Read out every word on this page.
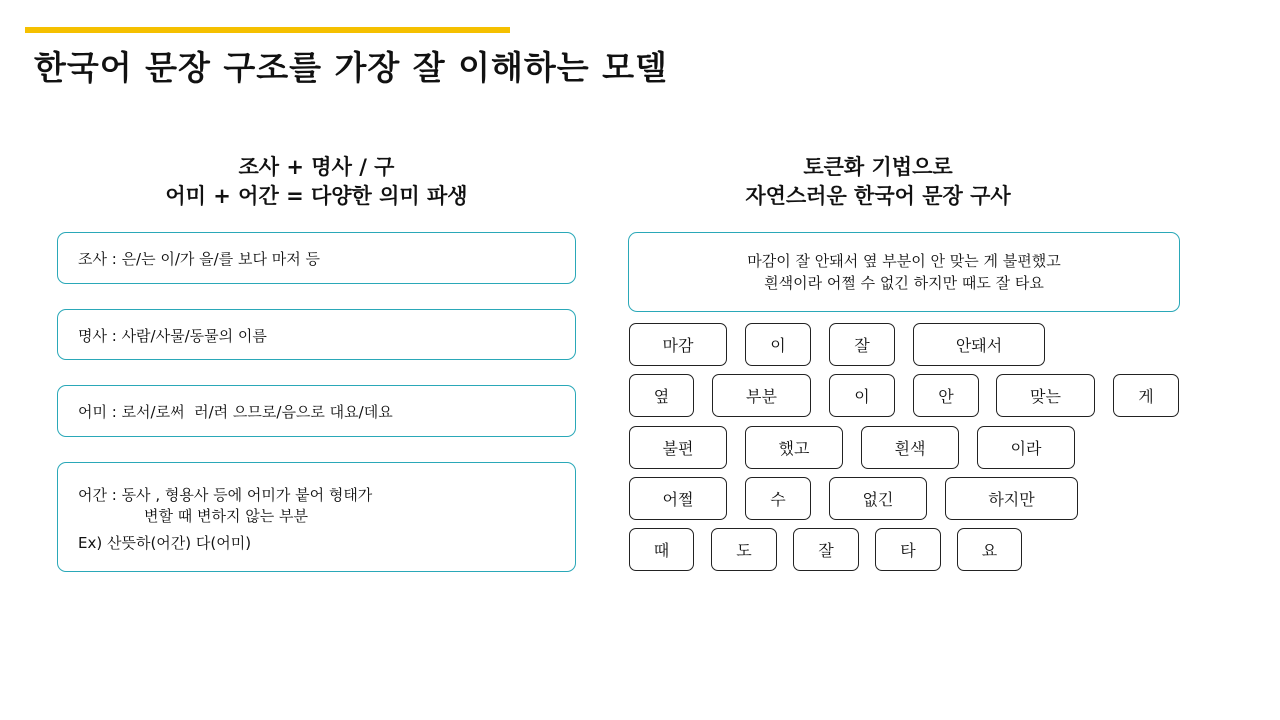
한국어 문장 구조를 가장 잘 이해하는 모델
조사 + 명사 / 구
어미 + 어간 = 다양한 의미 파생
토큰화 기법으로
자연스러운 한국어 문장 구사
조사 : 은/는 이/가 을/를 보다 마저 등
명사 : 사람/사물/동물의 이름
어미 : 로서/로써  러/려 으므로/음으로 대요/데요
어간 : 동사 , 형용사 등에 어미가 붙어 형태가
변할 때 변하지 않는 부분
Ex) 산뜻하(어간) 다(어미)
마감이 잘 안돼서 옆 부분이 안 맞는 게 불편했고
흰색이라 어쩔 수 없긴 하지만 때도 잘 타요
마감	이	잘	안돼서
옆	부분	이	안	맞는	게
불편	했고	흰색	이라
어쩔	수	없긴	하지만
때	도	잘	타	요
